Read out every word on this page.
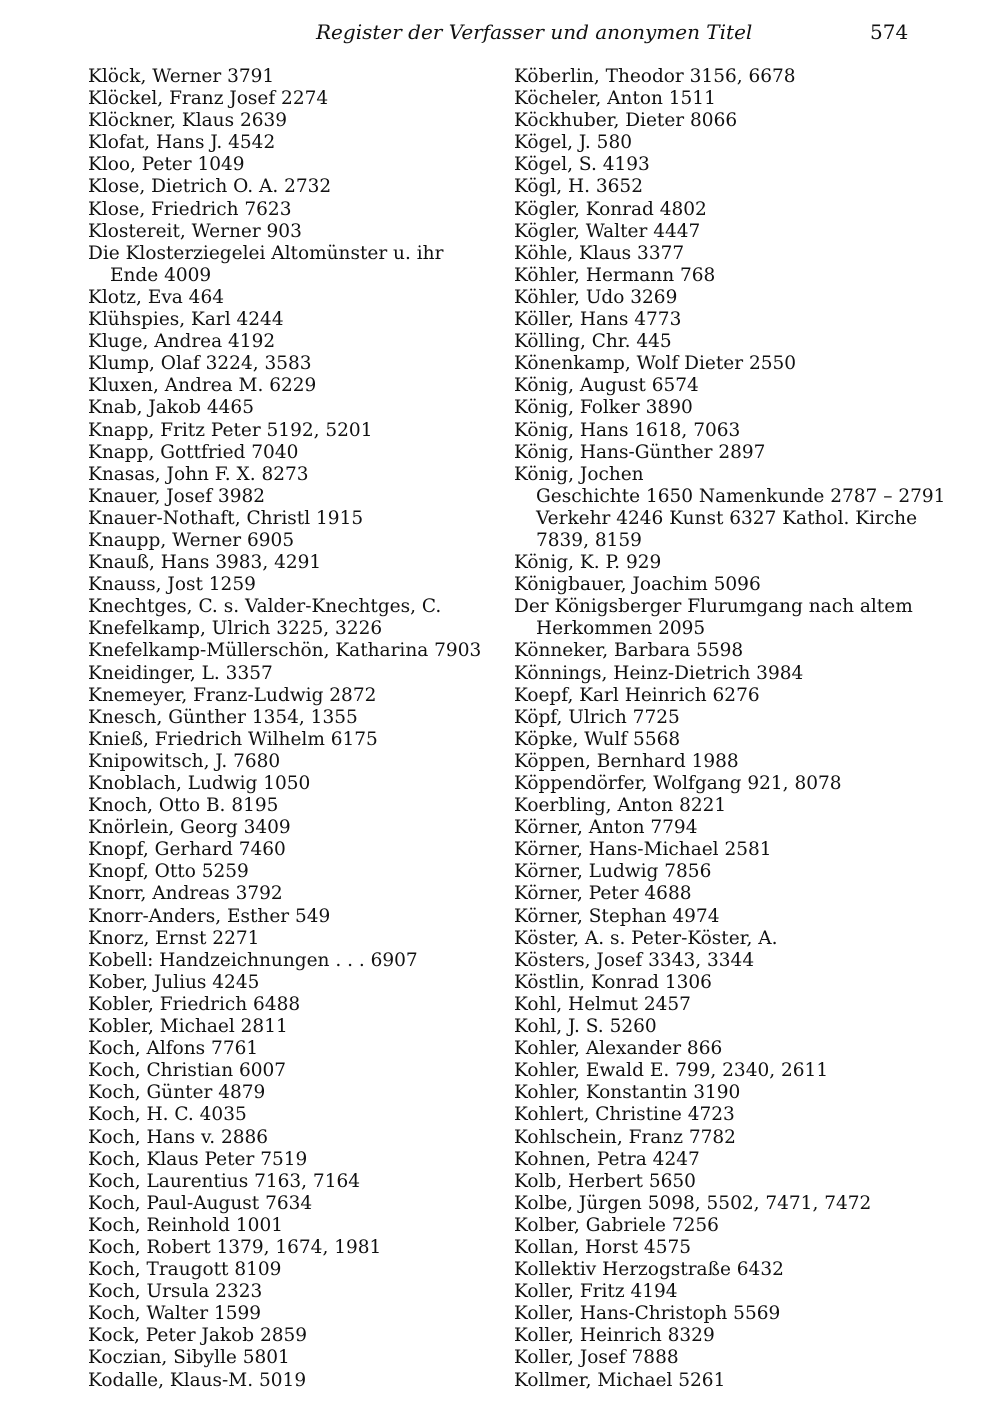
Register der Verfasser und anonymen Titel	574
Klöck, Werner 3791
Klöckel, Franz Josef 2274
Klöckner, Klaus 2639
Klofat, Hans J. 4542
Kloo, Peter 1049
Klose, Dietrich O. A. 2732
Klose, Friedrich 7623
Klostereit, Werner 903
Die Klosterziegelei Altomünster u. ihr
Ende 4009
Klotz, Eva 464
Klühspies, Karl 4244
Kluge, Andrea 4192
Klump, Olaf 3224, 3583
Kluxen, Andrea M. 6229
Knab, Jakob 4465
Knapp, Fritz Peter 5192, 5201
Knapp, Gottfried 7040
Knasas, John F. X. 8273
Knauer, Josef 3982
Knauer-Nothaft, Christl 1915
Knaupp, Werner 6905
Knauß, Hans 3983, 4291
Knauss, Jost 1259
Knechtges, C. s. Valder-Knechtges, C.
Knefelkamp, Ulrich 3225, 3226
Knefelkamp-Müllerschön, Katharina 7903
Kneidinger, L. 3357
Knemeyer, Franz-Ludwig 2872
Knesch, Günther 1354, 1355
Knieß, Friedrich Wilhelm 6175
Knipowitsch, J. 7680
Knoblach, Ludwig 1050
Knoch, Otto B. 8195
Knörlein, Georg 3409
Knopf, Gerhard 7460
Knopf, Otto 5259
Knorr, Andreas 3792
Knorr-Anders, Esther 549
Knorz, Ernst 2271
Kobell: Handzeichnungen . . . 6907
Kober, Julius 4245
Kobler, Friedrich 6488
Kobler, Michael 2811
Koch, Alfons 7761
Koch, Christian 6007
Koch, Günter 4879
Koch, H. C. 4035
Koch, Hans v. 2886
Koch, Klaus Peter 7519
Koch, Laurentius 7163, 7164
Koch, Paul-August 7634
Koch, Reinhold 1001
Koch, Robert 1379, 1674, 1981
Koch, Traugott 8109
Koch, Ursula 2323
Koch, Walter 1599
Kock, Peter Jakob 2859
Koczian, Sibylle 5801
Kodalle, Klaus-M. 5019
Köberlin, Theodor 3156, 6678
Köcheler, Anton 1511
Köckhuber, Dieter 8066
Kögel, J. 580
Kögel, S. 4193
Kögl, H. 3652
Kögler, Konrad 4802
Kögler, Walter 4447
Köhle, Klaus 3377
Köhler, Hermann 768
Köhler, Udo 3269
Köller, Hans 4773
Kölling, Chr. 445
Könenkamp, Wolf Dieter 2550
König, August 6574
König, Folker 3890
König, Hans 1618, 7063
König, Hans-Günther 2897
König, Jochen
Geschichte 1650 Namenkunde 2787 – 2791
Verkehr 4246 Kunst 6327 Kathol. Kirche
7839, 8159
König, K. P. 929
Königbauer, Joachim 5096
Der Königsberger Flurumgang nach altem
Herkommen 2095
Könneker, Barbara 5598
Könnings, Heinz-Dietrich 3984
Koepf, Karl Heinrich 6276
Köpf, Ulrich 7725
Köpke, Wulf 5568
Köppen, Bernhard 1988
Köppendörfer, Wolfgang 921, 8078
Koerbling, Anton 8221
Körner, Anton 7794
Körner, Hans-Michael 2581
Körner, Ludwig 7856
Körner, Peter 4688
Körner, Stephan 4974
Köster, A. s. Peter-Köster, A.
Kösters, Josef 3343, 3344
Köstlin, Konrad 1306
Kohl, Helmut 2457
Kohl, J. S. 5260
Kohler, Alexander 866
Kohler, Ewald E. 799, 2340, 2611
Kohler, Konstantin 3190
Kohlert, Christine 4723
Kohlschein, Franz 7782
Kohnen, Petra 4247
Kolb, Herbert 5650
Kolbe, Jürgen 5098, 5502, 7471, 7472
Kolber, Gabriele 7256
Kollan, Horst 4575
Kollektiv Herzogstraße 6432
Koller, Fritz 4194
Koller, Hans-Christoph 5569
Koller, Heinrich 8329
Koller, Josef 7888
Kollmer, Michael 5261
